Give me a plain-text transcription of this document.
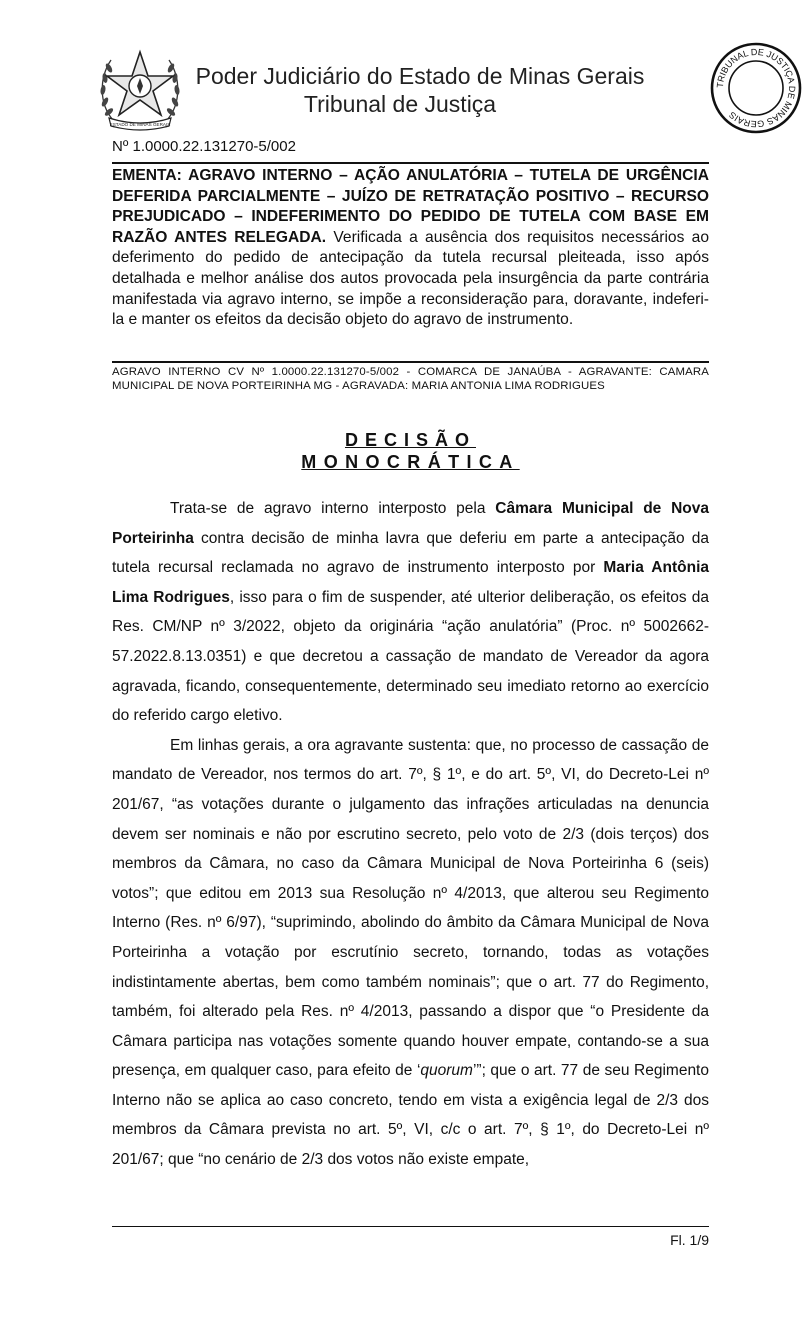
ESTADO DE MINAS GERAIS
Poder Judiciário do Estado de Minas Gerais
Tribunal de Justiça
TRIBUNAL DE JUSTIÇA DE MINAS GERAIS
Nº 1.0000.22.131270-5/002
EMENTA: AGRAVO INTERNO – AÇÃO ANULATÓRIA – TUTELA DE URGÊNCIA DEFERIDA PARCIALMENTE – JUÍZO DE RETRATAÇÃO POSITIVO – RECURSO PREJUDICADO – INDEFERIMENTO DO PEDIDO DE TUTELA COM BASE EM RAZÃO ANTES RELEGADA. Verificada a ausência dos requisitos necessários ao deferimento do pedido de antecipação da tutela recursal pleiteada, isso após detalhada e melhor análise dos autos provocada pela insurgência da parte contrária manifestada via agravo interno, se impõe a reconsideração para, doravante, indeferi-la e manter os efeitos da decisão objeto do agravo de instrumento.
AGRAVO INTERNO CV Nº 1.0000.22.131270-5/002 - COMARCA DE JANAÚBA - AGRAVANTE: CAMARA MUNICIPAL DE NOVA PORTEIRINHA MG - AGRAVADA: MARIA ANTONIA LIMA RODRIGUES
DECISÃO
MONOCRÁTICA

Trata-se de agravo interno interposto pela Câmara Municipal de Nova Porteirinha contra decisão de minha lavra que deferiu em parte a antecipação da tutela recursal reclamada no agravo de instrumento interposto por Maria Antônia Lima Rodrigues, isso para o fim de suspender, até ulterior deliberação, os efeitos da Res. CM/NP nº 3/2022, objeto da originária “ação anulatória” (Proc. nº 5002662-57.2022.8.13.0351) e que decretou a cassação de mandato de Vereador da agora agravada, ficando, consequentemente, determinado seu imediato retorno ao exercício do referido cargo eletivo.

Em linhas gerais, a ora agravante sustenta: que, no processo de cassação de mandato de Vereador, nos termos do art. 7º, § 1º, e do art. 5º, VI, do Decreto-Lei nº 201/67, “as votações durante o julgamento das infrações articuladas na denuncia devem ser nominais e não por escrutino secreto, pelo voto de 2/3 (dois terços) dos membros da Câmara, no caso da Câmara Municipal de Nova Porteirinha 6 (seis) votos”; que editou em 2013 sua Resolução nº 4/2013, que alterou seu Regimento Interno (Res. nº 6/97), “suprimindo, abolindo do âmbito da Câmara Municipal de Nova Porteirinha a votação por escrutínio secreto, tornando, todas as votações indistintamente abertas, bem como também nominais”; que o art. 77 do Regimento, também, foi alterado pela Res. nº 4/2013, passando a dispor que “o Presidente da Câmara participa nas votações somente quando houver empate, contando-se a sua presença, em qualquer caso, para efeito de ‘quorum’”; que o art. 77 de seu Regimento Interno não se aplica ao caso concreto, tendo em vista a exigência legal de 2/3 dos membros da Câmara prevista no art. 5º, VI, c/c o art. 7º, § 1º, do Decreto-Lei nº 201/67; que “no cenário de 2/3 dos votos não existe empate,

Fl. 1/9
